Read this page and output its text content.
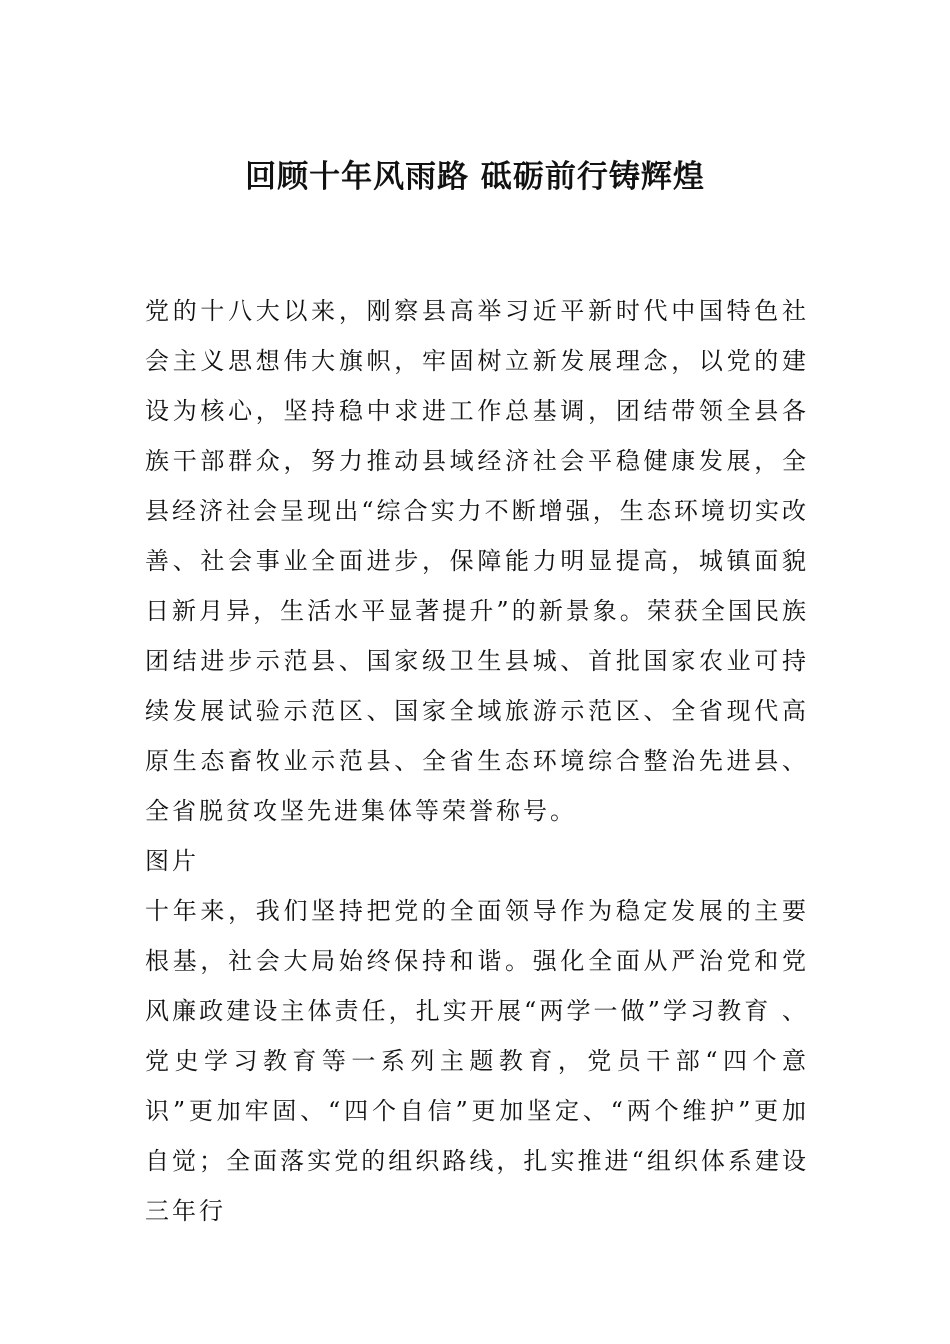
回顾十年风雨路 砥砺前行铸辉煌

党的十八大以来，刚察县高举习近平新时代中国特色社会主义思想伟大旗帜，牢固树立新发展理念，以党的建设为核心，坚持稳中求进工作总基调，团结带领全县各族干部群众，努力推动县域经济社会平稳健康发展，全县经济社会呈现出“综合实力不断增强，生态环境切实改善、社会事业全面进步，保障能力明显提高，城镇面貌日新月异，生活水平显著提升”的新景象。荣获全国民族团结进步示范县、国家级卫生县城、首批国家农业可持续发展试验示范区、国家全域旅游示范区、全省现代高原生态畜牧业示范县、全省生态环境综合整治先进县、全省脱贫攻坚先进集体等荣誉称号。

图片

十年来，我们坚持把党的全面领导作为稳定发展的主要根基，社会大局始终保持和谐。强化全面从严治党和党风廉政建设主体责任，扎实开展“两学一做”学习教育 、党史学习教育等一系列主题教育，党员干部“四个意识”更加牢固、“四个自信”更加坚定、“两个维护”更加自觉；全面落实党的组织路线，扎实推进“组织体系建设三年行
